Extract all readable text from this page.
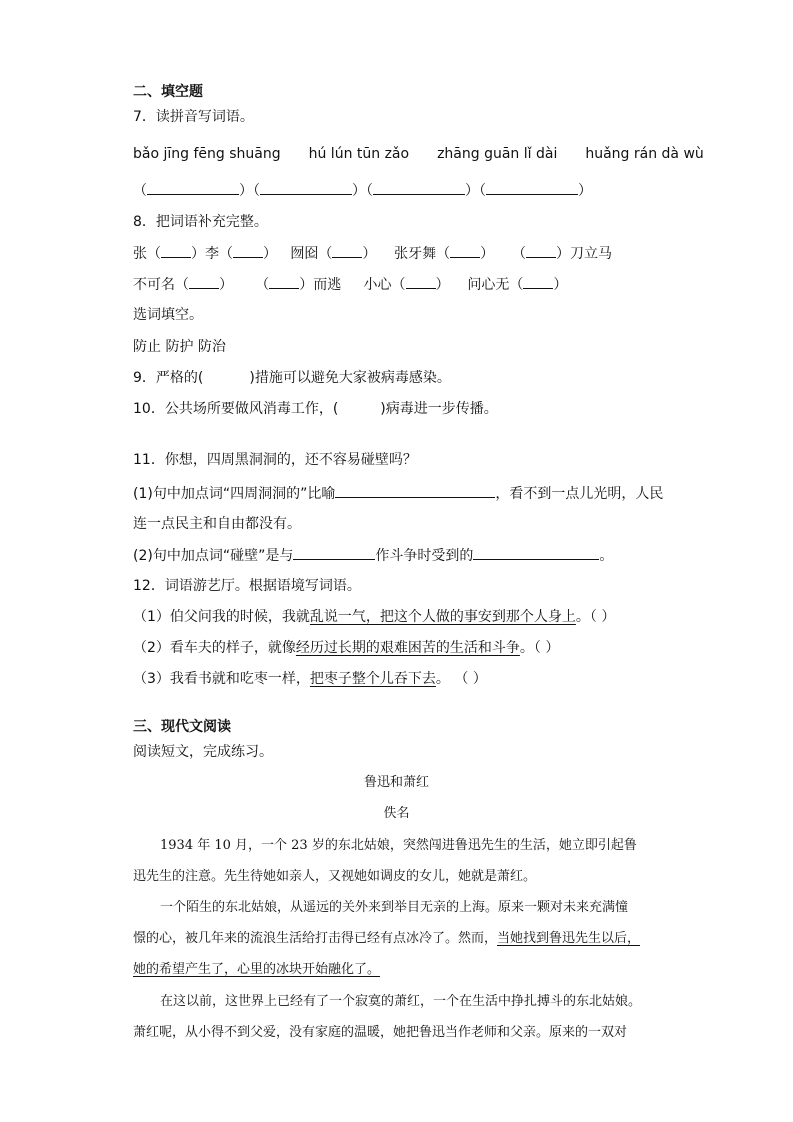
二、填空题
7．读拼音写词语。
bǎo jīng fēng shuāng hú lún tūn zǎo zhāng guān lǐ dài huǎng rán dà wù
（	）（	）（	）（	）
8．把词语补充完整。
张（ ）李（ ） 囫囵（ ） 张牙舞（ ） （ ）刀立马
不可名（ ） （ ）而逃 小心（ ） 问心无（ ）
选词填空。
防止 防护 防治
9．严格的(	)措施可以避免大家被病毒感染。
10．公共场所要做风消毒工作，(	)病毒进一步传播。
11．你想，四周黑洞洞的，还不容易碰壁吗？
(1)句中加点词“四周洞洞的”比喻	，看不到一点儿光明，人民
连一点民主和自由都没有。
(2)句中加点词“碰壁”是与	作斗争时受到的	。
12．词语游艺厅。根据语境写词语。
（1）伯父问我的时候，我就乱说一气，把这个人做的事安到那个人身上。（ ）
（2）看车夫的样子，就像经历过长期的艰难困苦的生活和斗争。（ ）
（3）我看书就和吃枣一样，把枣子整个儿吞下去。 （ ）
三、现代文阅读
阅读短文，完成练习。
鲁迅和萧红
佚名
1934 年 10 月，一个 23 岁的东北姑娘，突然闯进鲁迅先生的生活，她立即引起鲁
迅先生的注意。先生待她如亲人，又视她如调皮的女儿，她就是萧红。
一个陌生的东北姑娘，从遥远的关外来到举目无亲的上海。原来一颗对未来充满憧
憬的心，被几年来的流浪生活给打击得已经有点冰冷了。然而，当她找到鲁迅先生以后，
她的希望产生了，心里的冰块开始融化了。
在这以前，这世界上已经有了一个寂寞的萧红，一个在生活中挣扎搏斗的东北姑娘。
萧红呢，从小得不到父爱，没有家庭的温暖，她把鲁迅当作老师和父亲。原来的一双对
